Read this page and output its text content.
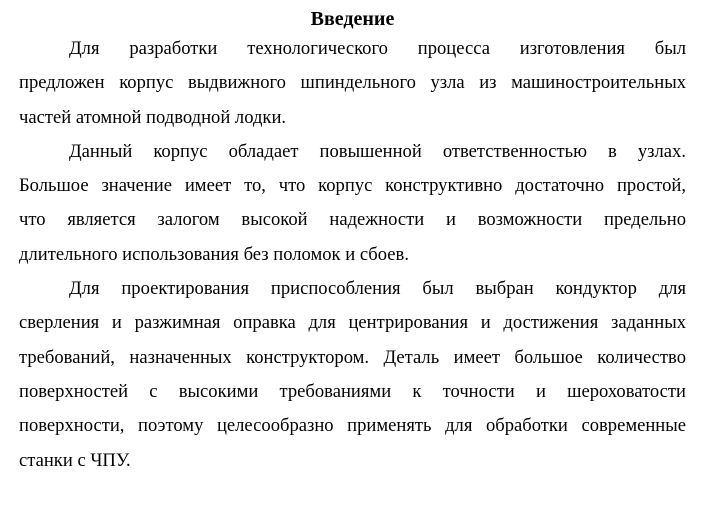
Введение
Для разработки технологического процесса изготовления был
предложен корпус выдвижного шпиндельного узла из машиностроительных
частей атомной подводной лодки.
Данный корпус обладает повышенной ответственностью в узлах.
Большое значение имеет то, что корпус конструктивно достаточно простой,
что является залогом высокой надежности и возможности предельно
длительного использования без поломок и сбоев.
Для проектирования приспособления был выбран кондуктор для
сверления и разжимная оправка для центрирования и достижения заданных
требований, назначенных конструктором. Деталь имеет большое количество
поверхностей с высокими требованиями к точности и шероховатости
поверхности, поэтому целесообразно применять для обработки современные
станки с ЧПУ.
